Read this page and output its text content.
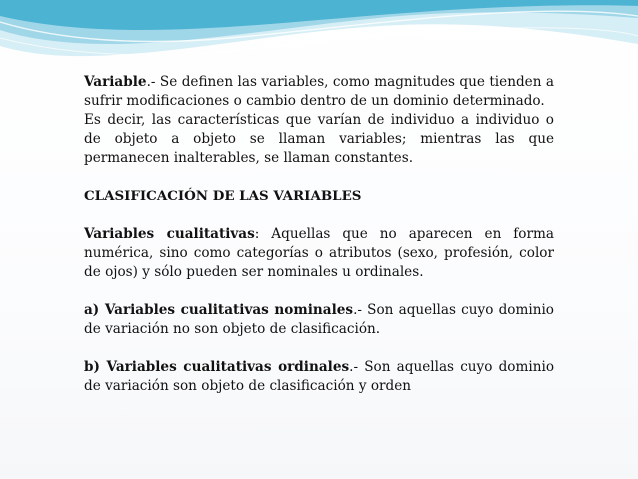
Variable.- Se definen las variables, como magnitudes que tienden a sufrir modificaciones o cambio dentro de un dominio determinado.

Es decir, las características que varían de individuo a individuo o de objeto a objeto se llaman variables; mientras las que permanecen inalterables, se llaman constantes.

CLASIFICACIÓN DE LAS VARIABLES

Variables cualitativas: Aquellas que no aparecen en forma numérica, sino como categorías o atributos (sexo, profesión, color de ojos) y sólo pueden ser nominales u ordinales.

a) Variables cualitativas nominales.- Son aquellas cuyo dominio de variación no son objeto de clasificación.

b) Variables cualitativas ordinales.- Son aquellas cuyo dominio de variación son objeto de clasificación y orden
